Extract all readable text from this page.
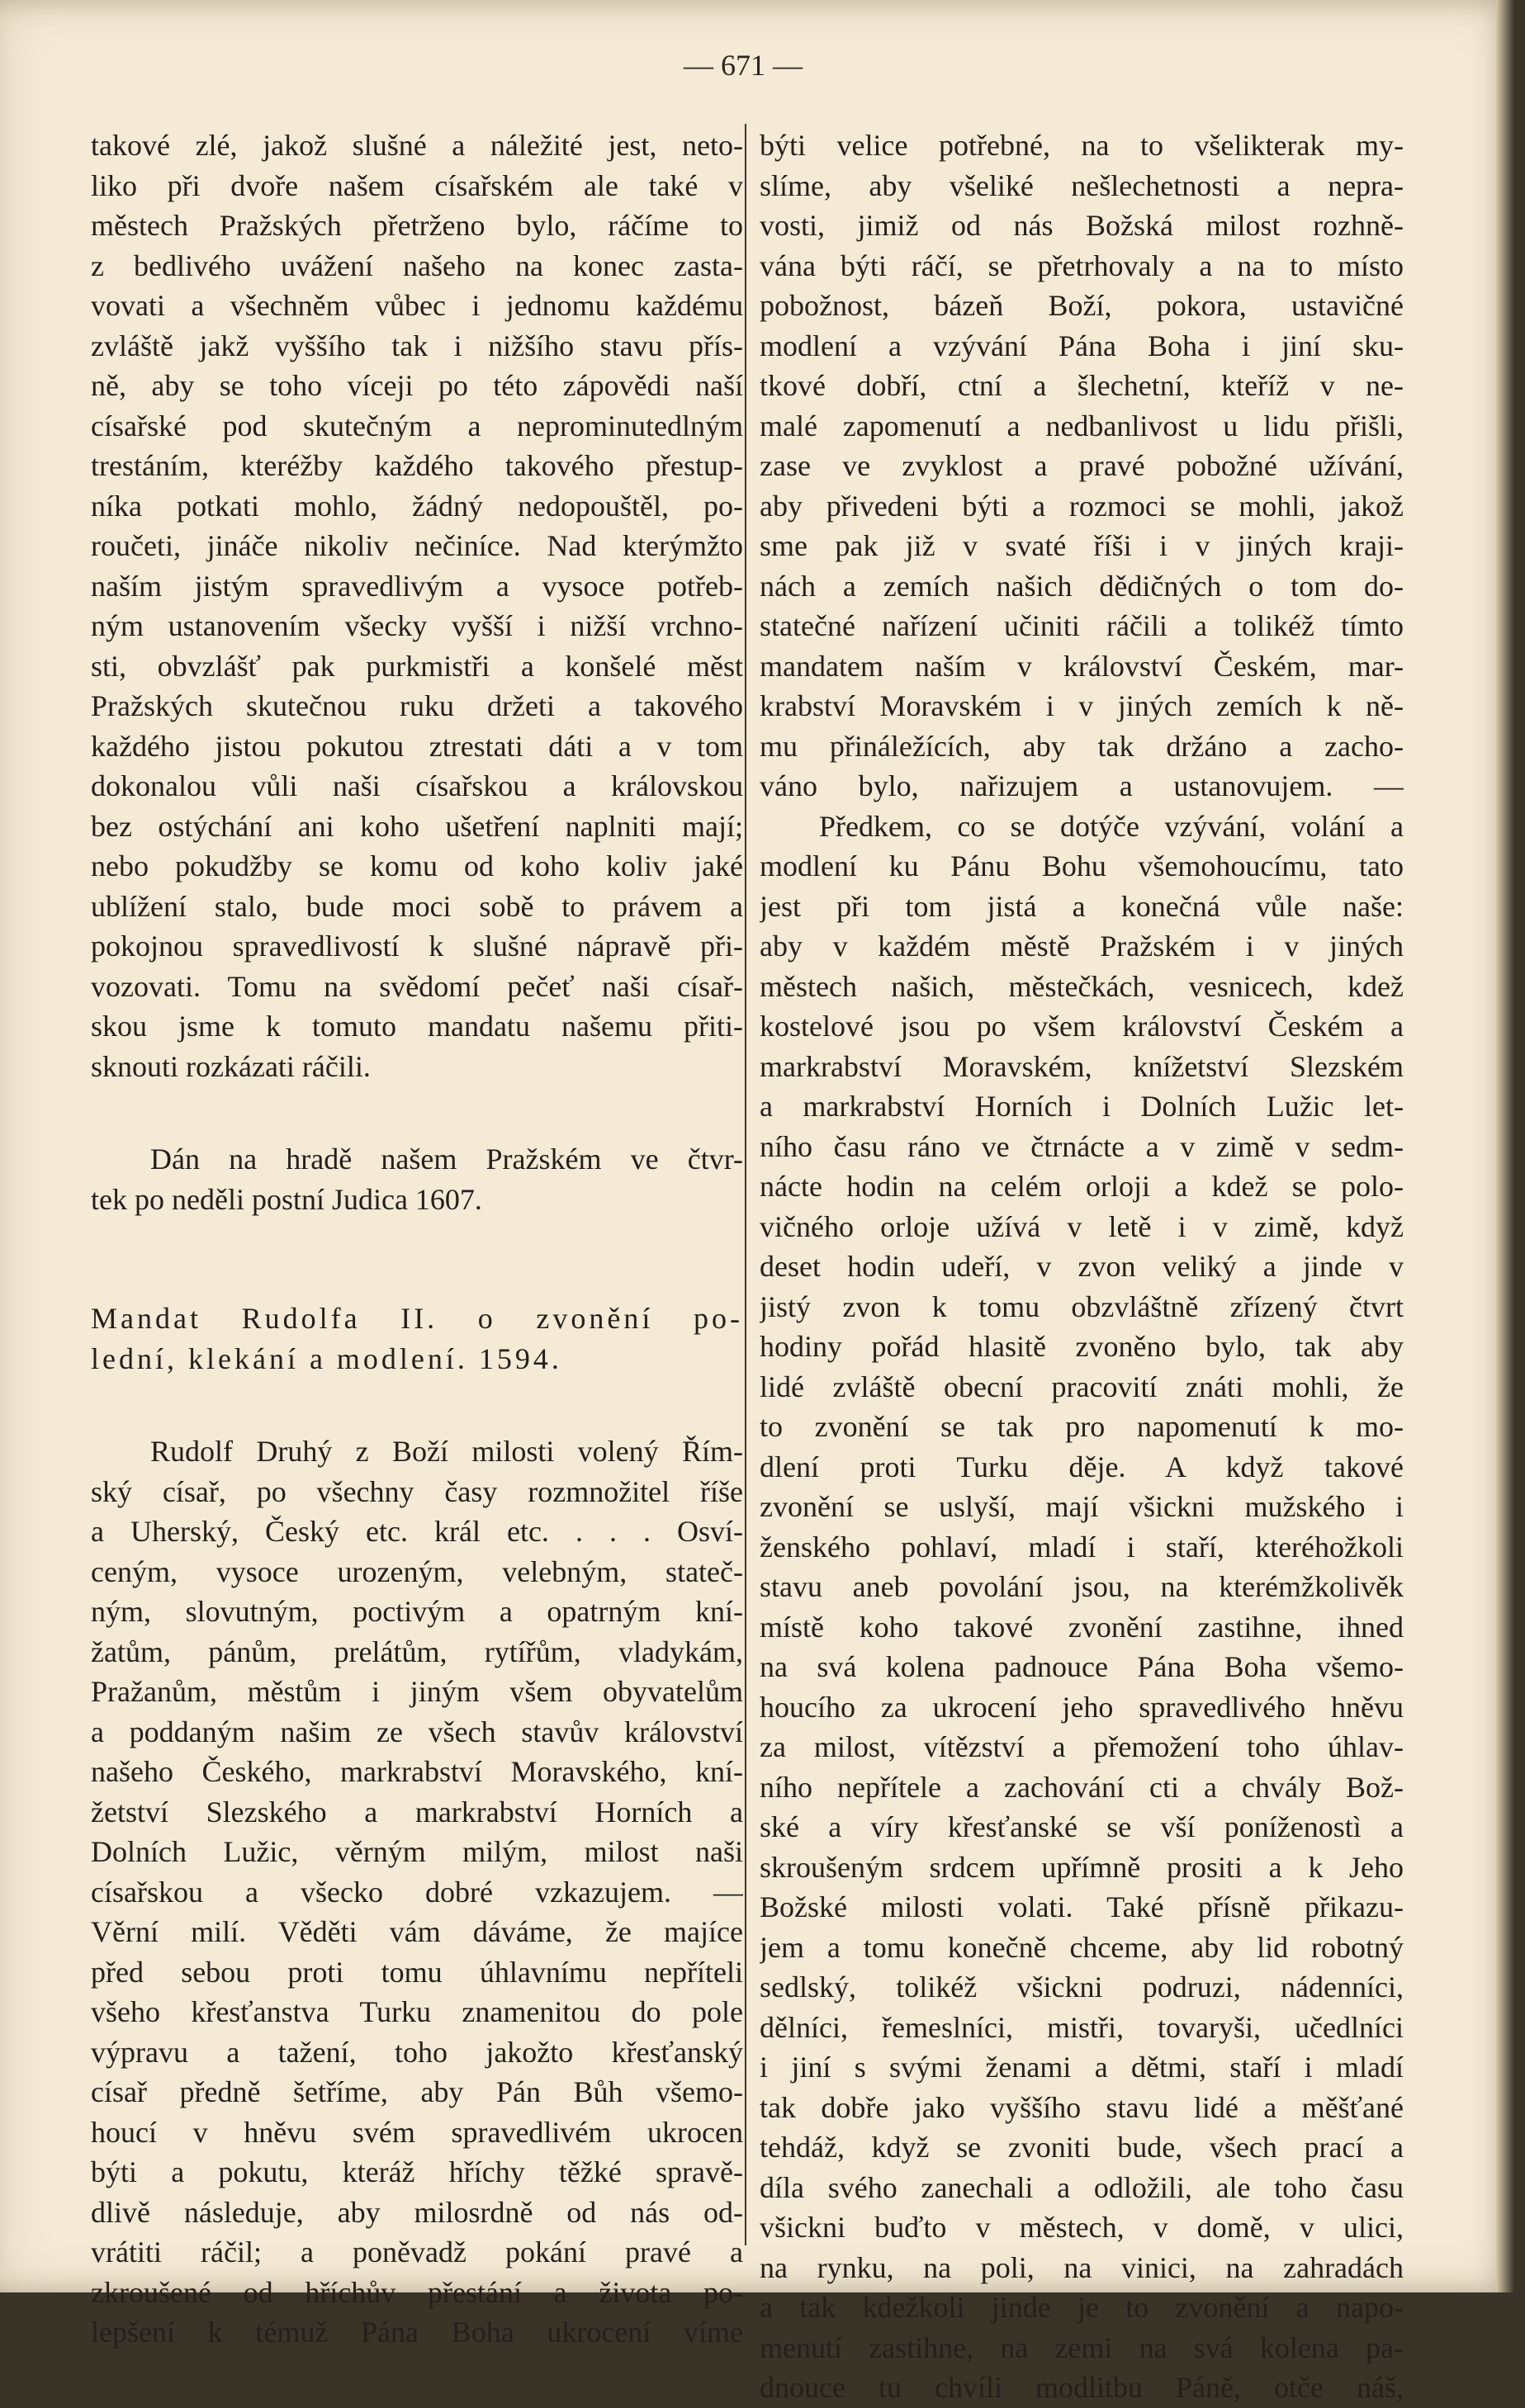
— 671 —
takové zlé, jakož slušné a náležité jest, neto-
liko při dvoře našem císařském ale také v
městech Pražských přetrženo bylo, ráčíme to
z bedlivého uvážení našeho na konec zasta-
vovati a všechněm vůbec i jednomu každému
zvláště jakž vyššího tak i nižšího stavu přís-
ně, aby se toho víceji po této zápovědi naší
císařské pod skutečným a neprominutedlným
trestáním, kteréžby každého takového přestup-
níka potkati mohlo, žádný nedopouštěl, po-
roučeti, jináče nikoliv nečiníce. Nad kterýmžto
naším jistým spravedlivým a vysoce potřeb-
ným ustanovením všecky vyšší i nižší vrchno-
sti, obvzlášť pak purkmistři a konšelé měst
Pražských skutečnou ruku držeti a takového
každého jistou pokutou ztrestati dáti a v tom
dokonalou vůli naši císařskou a královskou
bez ostýchání ani koho ušetření naplniti mají;
nebo pokudžby se komu od koho koliv jaké
ublížení stalo, bude moci sobě to právem a
pokojnou spravedlivostí k slušné nápravě při-
vozovati. Tomu na svědomí pečeť naši císař-
skou jsme k tomuto mandatu našemu přiti-
sknouti rozkázati ráčili.
Dán na hradě našem Pražském ve čtvr-
tek po neděli postní Judica 1607.
Mandat Rudolfa II. o zvonění po-
lední, klekání a modlení. 1594.
Rudolf Druhý z Boží milosti volený Řím-
ský císař, po všechny časy rozmnožitel říše
a Uherský, Český etc. král etc. . . . Osví-
ceným, vysoce urozeným, velebným, stateč-
ným, slovutným, poctivým a opatrným kní-
žatům, pánům, prelátům, rytířům, vladykám,
Pražanům, městům i jiným všem obyvatelům
a poddaným našim ze všech stavův království
našeho Českého, markrabství Moravského, kní-
žetství Slezského a markrabství Horních a
Dolních Lužic, věrným milým, milost naši
císařskou a všecko dobré vzkazujem. —
Věrní milí. Věděti vám dáváme, že majíce
před sebou proti tomu úhlavnímu nepříteli
všeho křesťanstva Turku znamenitou do pole
výpravu a tažení, toho jakožto křesťanský
císař předně šetříme, aby Pán Bůh všemo-
houcí v hněvu svém spravedlivém ukrocen
býti a pokutu, kteráž hříchy těžké spravě-
dlivě následuje, aby milosrdně od nás od-
vrátiti ráčil; a poněvadž pokání pravé a
zkroušené od hříchův přestání a života po-
lepšení k témuž Pána Boha ukrocení víme
býti velice potřebné, na to všelikterak my-
slíme, aby všeliké nešlechetnosti a nepra-
vosti, jimiž od nás Božská milost rozhně-
vána býti ráčí, se přetrhovaly a na to místo
pobožnost, bázeň Boží, pokora, ustavičné
modlení a vzývání Pána Boha i jiní sku-
tkové dobří, ctní a šlechetní, kteříž v ne-
malé zapomenutí a nedbanlivost u lidu přišli,
zase ve zvyklost a pravé pobožné užívání,
aby přivedeni býti a rozmoci se mohli, jakož
sme pak již v svaté říši i v jiných kraji-
nách a zemích našich dědičných o tom do-
statečné nařízení učiniti ráčili a tolikéž tímto
mandatem naším v království Českém, mar-
krabství Moravském i v jiných zemích k ně-
mu přináležících, aby tak držáno a zacho-
váno bylo, nařizujem a ustanovujem. —
Předkem, co se dotýče vzývání, volání a
modlení ku Pánu Bohu všemohoucímu, tato
jest při tom jistá a konečná vůle naše:
aby v každém městě Pražském i v jiných
městech našich, městečkách, vesnicech, kdež
kostelové jsou po všem království Českém a
markrabství Moravském, knížetství Slezském
a markrabství Horních i Dolních Lužic let-
ního času ráno ve čtrnácte a v zimě v sedm-
nácte hodin na celém orloji a kdež se polo-
vičného orloje užívá v letě i v zimě, když
deset hodin udeří, v zvon veliký a jinde v
jistý zvon k tomu obzvláštně zřízený čtvrt
hodiny pořád hlasitě zvoněno bylo, tak aby
lidé zvláště obecní pracovití znáti mohli, že
to zvonění se tak pro napomenutí k mo-
dlení proti Turku děje. A když takové
zvonění se uslyší, mají všickni mužského i
ženského pohlaví, mladí i staří, kteréhožkoli
stavu aneb povolání jsou, na kterémžkolivěk
místě koho takové zvonění zastihne, ihned
na svá kolena padnouce Pána Boha všemo-
houcího za ukrocení jeho spravedlivého hněvu
za milost, vítězství a přemožení toho úhlav-
ního nepřítele a zachování cti a chvály Bož-
ské a víry křesťanské se vší poníženostì a
skroušeným srdcem upřímně prositi a k Jeho
Božské milosti volati. Také přísně přikazu-
jem a tomu konečně chceme, aby lid robotný
sedlský, tolikéž všickni podruzi, nádenníci,
dělníci, řemeslníci, mistři, tovaryši, učedlníci
i jiní s svými ženami a dětmi, staří i mladí
tak dobře jako vyššího stavu lidé a měšťané
tehdáž, když se zvoniti bude, všech prací a
díla svého zanechali a odložili, ale toho času
všickni buďto v městech, v domě, v ulici,
na rynku, na poli, na vinici, na zahradách
a tak kdežkoli jinde je to zvonění a napo-
menutí zastihne, na zemi na svá kolena pa-
dnouce tu chvíli modlitbu Páně, otče náš,
